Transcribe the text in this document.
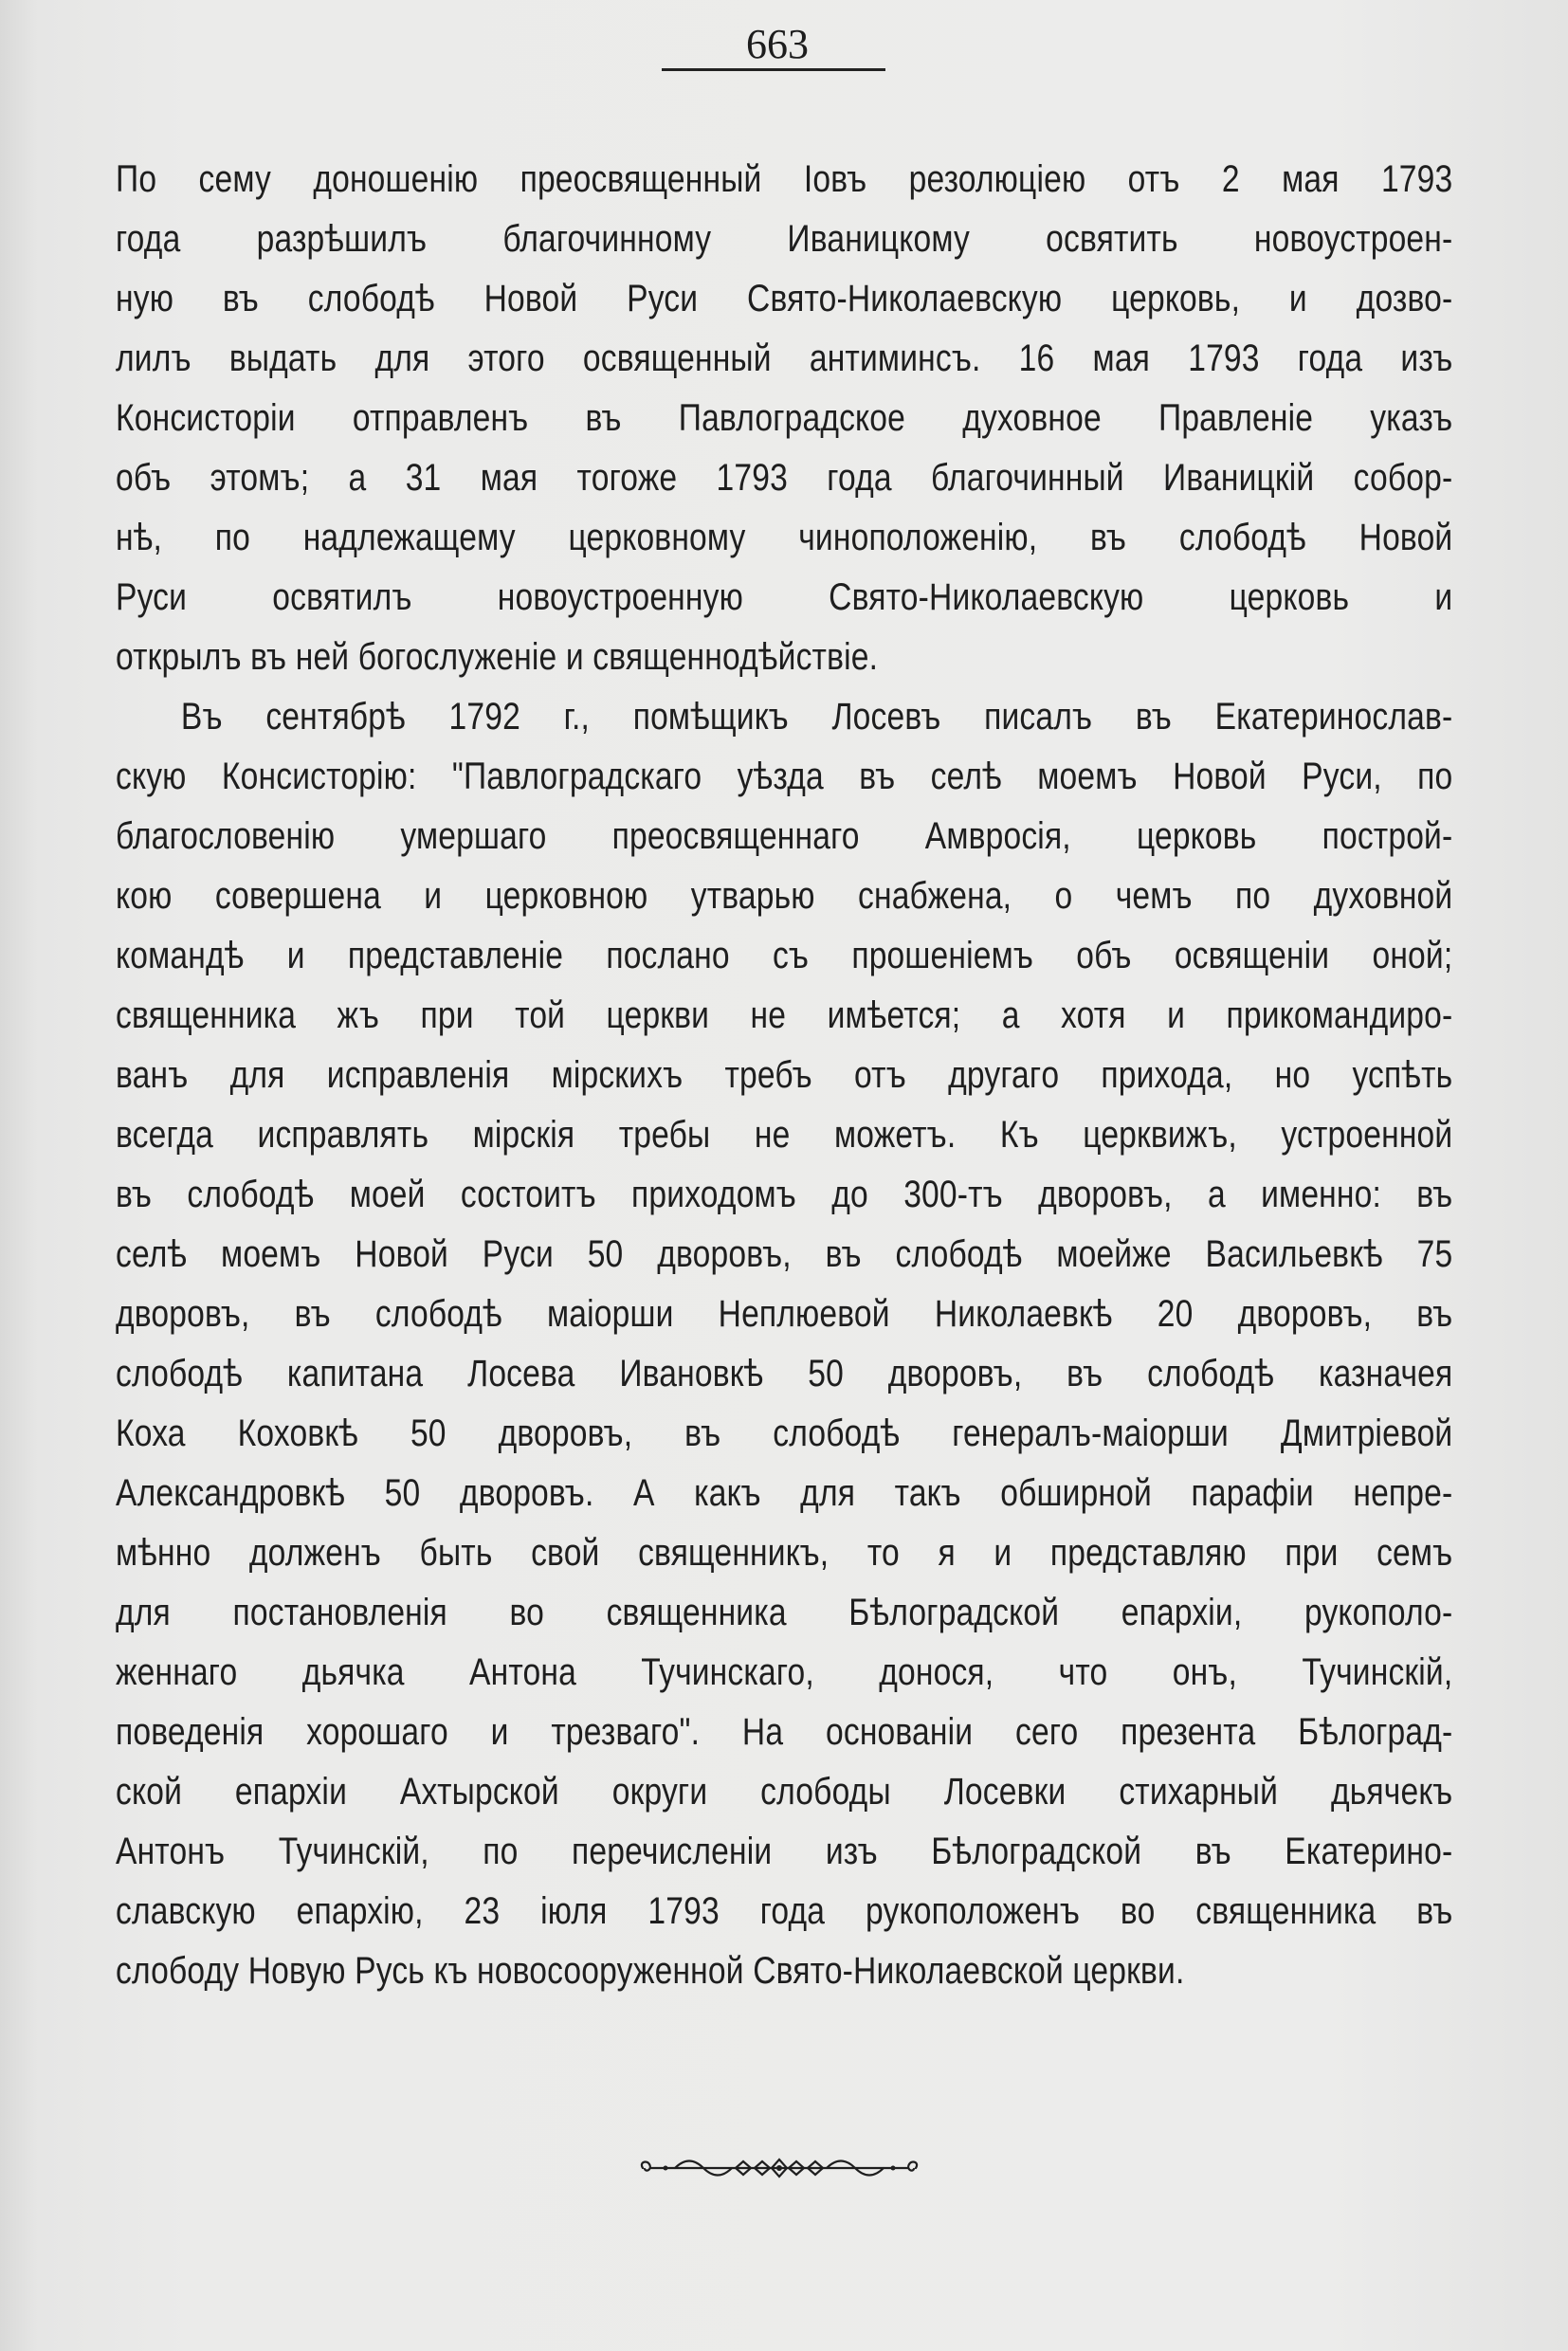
663
По сему доношенію преосвященный Іовъ резолюціею отъ 2 мая 1793
года разрѣшилъ благочинному Иваницкому освятить новоустроен-
ную въ слободѣ Новой Руси Свято-Николаевскую церковь, и дозво-
лилъ выдать для этого освященный антиминсъ. 16 мая 1793 года изъ
Консисторіи отправленъ въ Павлоградское духовное Правленіе указъ
объ этомъ; а 31 мая тогоже 1793 года благочинный Иваницкій собор-
нѣ, по надлежащему церковному чиноположенію, въ слободѣ Новой
Руси освятилъ новоустроенную Свято-Николаевскую церковь и
открылъ въ ней богослуженіе и священнодѣйствіе.
Въ сентябрѣ 1792 г., помѣщикъ Лосевъ писалъ въ Екатеринослав-
скую Консисторію: "Павлоградскаго уѣзда въ селѣ моемъ Новой Руси, по
благословенію умершаго преосвященнаго Амвросія, церковь построй-
кою совершена и церковною утварью снабжена, о чемъ по духовной
командѣ и представленіе послано съ прошеніемъ объ освященіи оной;
священника жъ при той церкви не имѣется; а хотя и прикомандиро-
ванъ для исправленія мірскихъ требъ отъ другагo прихода, но успѣть
всегда исправлять мірскія требы не можетъ. Къ церквижъ, устроенной
въ слободѣ моей состоитъ приходомъ до 300-тъ дворовъ, а именно: въ
селѣ моемъ Новой Руси 50 дворовъ, въ слободѣ моейже Васильевкѣ 75
дворовъ, въ слободѣ маіорши Неплюевой Николаевкѣ 20 дворовъ, въ
слободѣ капитана Лосева Ивановкѣ 50 дворовъ, въ слободѣ казначея
Коха Коховкѣ 50 дворовъ, въ слободѣ генералъ-маіорши Дмитріевой
Александровкѣ 50 дворовъ. А какъ для такъ обширной парафіи непре-
мѣнно долженъ быть свой священникъ, то я и представляю при семъ
для постановленія во священника Бѣлоградской епархіи, рукополо-
женнаго дьячка Антона Тучинскаго, донося, что онъ, Тучинскій,
поведенія хорошаго и трезваго". На основаніи сего презента Бѣлоград-
ской епархіи Ахтырской округи слободы Лосевки стихарный дьячекъ
Антонъ Тучинскій, по перечисленіи изъ Бѣлоградской въ Екатерино-
славскую епархію, 23 іюля 1793 года рукоположенъ во священника въ
слободу Новую Русь къ новосооруженной Свято-Николаевской церкви.
